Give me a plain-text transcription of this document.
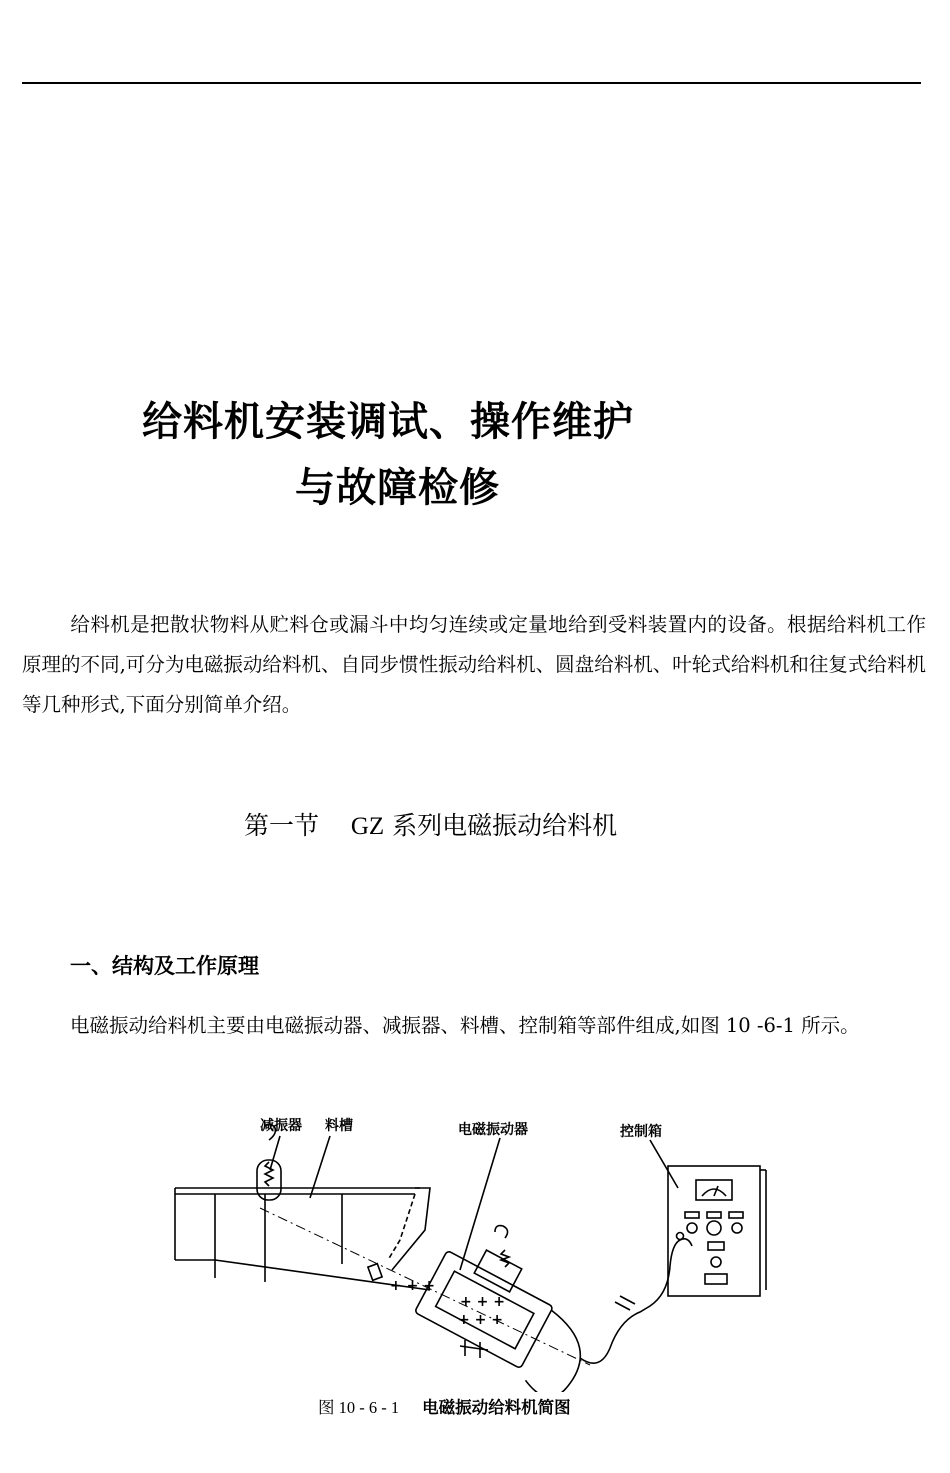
给料机安装调试、操作维护
与故障检修

给料机是把散状物料从贮料仓或漏斗中均匀连续或定量地给到受料装置内的设备。根据给料机工作原理的不同,可分为电磁振动给料机、自同步惯性振动给料机、圆盘给料机、叶轮式给料机和往复式给料机等几种形式,下面分别简单介绍。

第一节 GZ 系列电磁振动给料机
一、结构及工作原理

电磁振动给料机主要由电磁振动器、减振器、料槽、控制箱等部件组成,如图 10 -6-1 所示。

+ + +
+ + +
+ + +
减振器 料槽	电磁振动器	控制箱
图 10 - 6 - 1 电磁振动给料机简图
